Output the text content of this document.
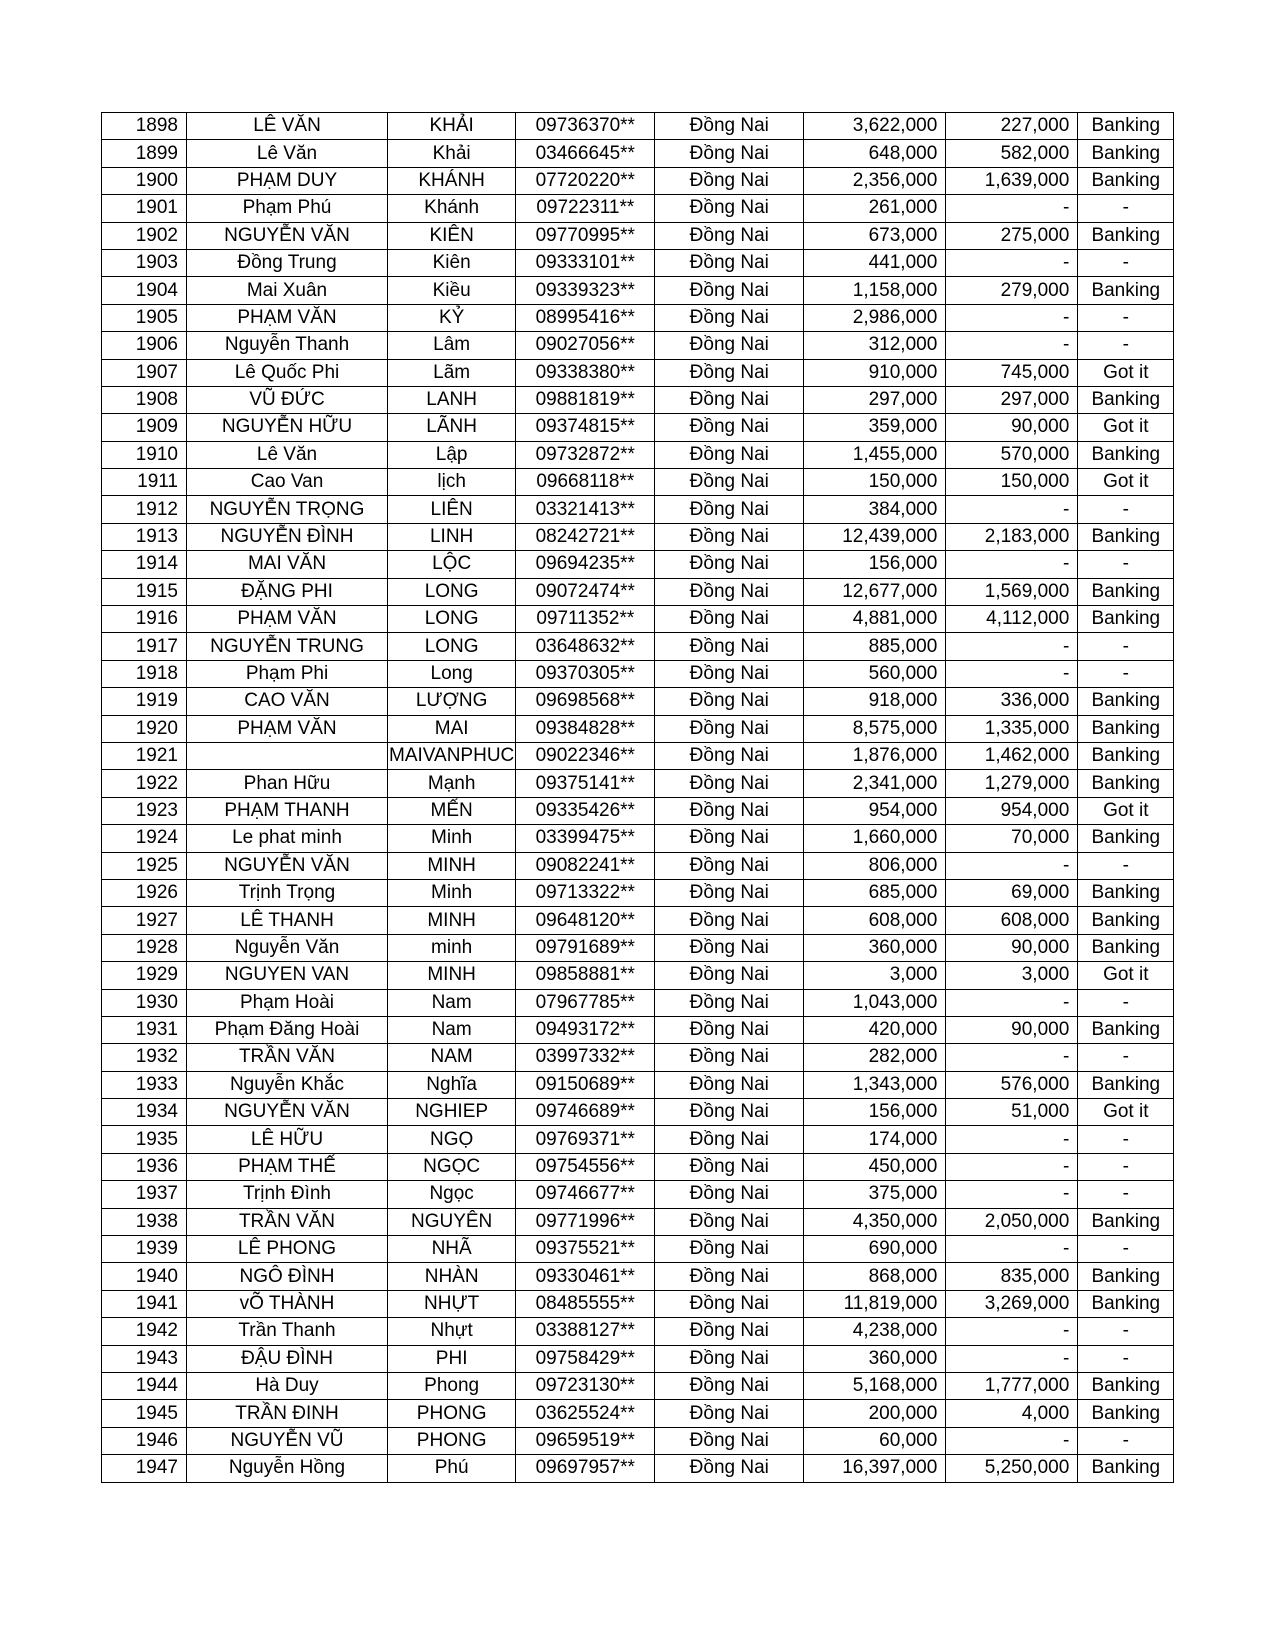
1898	LÊ VĂN	KHẢI	09736370**	Đồng Nai	3,622,000	227,000	Banking
1899	Lê Văn	Khải	03466645**	Đồng Nai	648,000	582,000	Banking
1900	PHẠM DUY	KHÁNH	07720220**	Đồng Nai	2,356,000	1,639,000	Banking
1901	Phạm Phú	Khánh	09722311**	Đồng Nai	261,000	-	-
1902	NGUYỄN VĂN	KIÊN	09770995**	Đồng Nai	673,000	275,000	Banking
1903	Đồng Trung	Kiên	09333101**	Đồng Nai	441,000	-	-
1904	Mai Xuân	Kiều	09339323**	Đồng Nai	1,158,000	279,000	Banking
1905	PHẠM VĂN	KỶ	08995416**	Đồng Nai	2,986,000	-	-
1906	Nguyễn Thanh	Lâm	09027056**	Đồng Nai	312,000	-	-
1907	Lê Quốc Phi	Lãm	09338380**	Đồng Nai	910,000	745,000	Got it
1908	VŨ ĐỨC	LANH	09881819**	Đồng Nai	297,000	297,000	Banking
1909	NGUYỄN HỮU	LÃNH	09374815**	Đồng Nai	359,000	90,000	Got it
1910	Lê Văn	Lập	09732872**	Đồng Nai	1,455,000	570,000	Banking
1911	Cao Van	lịch	09668118**	Đồng Nai	150,000	150,000	Got it
1912	NGUYỄN TRỌNG	LIÊN	03321413**	Đồng Nai	384,000	-	-
1913	NGUYỄN ĐÌNH	LINH	08242721**	Đồng Nai	12,439,000	2,183,000	Banking
1914	MAI VĂN	LỘC	09694235**	Đồng Nai	156,000	-	-
1915	ĐẶNG PHI	LONG	09072474**	Đồng Nai	12,677,000	1,569,000	Banking
1916	PHẠM VĂN	LONG	09711352**	Đồng Nai	4,881,000	4,112,000	Banking
1917	NGUYỄN TRUNG	LONG	03648632**	Đồng Nai	885,000	-	-
1918	Phạm Phi	Long	09370305**	Đồng Nai	560,000	-	-
1919	CAO VĂN	LƯỢNG	09698568**	Đồng Nai	918,000	336,000	Banking
1920	PHẠM VĂN	MAI	09384828**	Đồng Nai	8,575,000	1,335,000	Banking
1921		MAIVANPHUC	09022346**	Đồng Nai	1,876,000	1,462,000	Banking
1922	Phan Hữu	Mạnh	09375141**	Đồng Nai	2,341,000	1,279,000	Banking
1923	PHẠM THANH	MẾN	09335426**	Đồng Nai	954,000	954,000	Got it
1924	Le phat minh	Minh	03399475**	Đồng Nai	1,660,000	70,000	Banking
1925	NGUYỄN VĂN	MINH	09082241**	Đồng Nai	806,000	-	-
1926	Trịnh Trọng	Minh	09713322**	Đồng Nai	685,000	69,000	Banking
1927	LÊ THANH	MINH	09648120**	Đồng Nai	608,000	608,000	Banking
1928	Nguyễn Văn	minh	09791689**	Đồng Nai	360,000	90,000	Banking
1929	NGUYEN VAN	MINH	09858881**	Đồng Nai	3,000	3,000	Got it
1930	Phạm Hoài	Nam	07967785**	Đồng Nai	1,043,000	-	-
1931	Phạm Đăng Hoài	Nam	09493172**	Đồng Nai	420,000	90,000	Banking
1932	TRẦN VĂN	NAM	03997332**	Đồng Nai	282,000	-	-
1933	Nguyễn Khắc	Nghĩa	09150689**	Đồng Nai	1,343,000	576,000	Banking
1934	NGUYỄN VĂN	NGHIEP	09746689**	Đồng Nai	156,000	51,000	Got it
1935	LÊ HỮU	NGỌ	09769371**	Đồng Nai	174,000	-	-
1936	PHẠM THẾ	NGỌC	09754556**	Đồng Nai	450,000	-	-
1937	Trịnh Đình	Ngọc	09746677**	Đồng Nai	375,000	-	-
1938	TRẦN VĂN	NGUYÊN	09771996**	Đồng Nai	4,350,000	2,050,000	Banking
1939	LÊ PHONG	NHÃ	09375521**	Đồng Nai	690,000	-	-
1940	NGÔ ĐÌNH	NHÀN	09330461**	Đồng Nai	868,000	835,000	Banking
1941	vÕ THÀNH	NHỰT	08485555**	Đồng Nai	11,819,000	3,269,000	Banking
1942	Trần Thanh	Nhựt	03388127**	Đồng Nai	4,238,000	-	-
1943	ĐẬU ĐÌNH	PHI	09758429**	Đồng Nai	360,000	-	-
1944	Hà Duy	Phong	09723130**	Đồng Nai	5,168,000	1,777,000	Banking
1945	TRẦN ĐINH	PHONG	03625524**	Đồng Nai	200,000	4,000	Banking
1946	NGUYỄN VŨ	PHONG	09659519**	Đồng Nai	60,000	-	-
1947	Nguyễn Hồng	Phú	09697957**	Đồng Nai	16,397,000	5,250,000	Banking
